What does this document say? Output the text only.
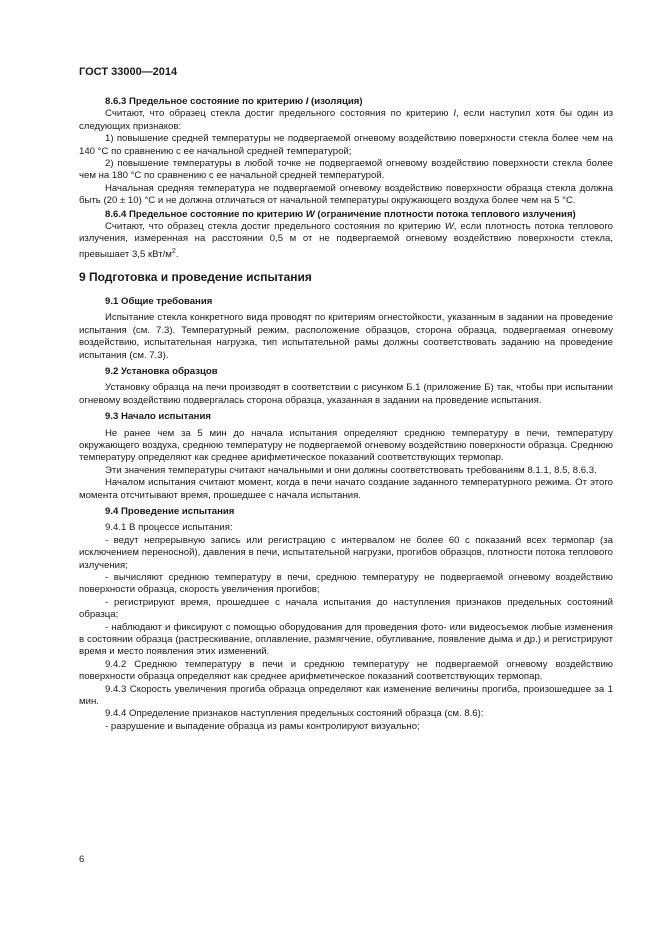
ГОСТ 33000—2014

8.6.3 Предельное состояние по критерию I (изоляция)

Считают, что образец стекла достиг предельного состояния по критерию I, если наступил хотя бы один из следующих признаков:

1) повышение средней температуры не подвергаемой огневому воздействию поверхности стекла более чем на 140 °С по сравнению с ее начальной средней температурой;

2) повышение температуры в любой точке не подвергаемой огневому воздействию поверхности стекла более чем на 180 °С по сравнению с ее начальной средней температурой.

Начальная средняя температура не подвергаемой огневому воздействию поверхности образца стекла должна быть (20 ± 10) °С и не должна отличаться от начальной температуры окружающего воздуха более чем на 5 °С.

8.6.4 Предельное состояние по критерию W (ограничение плотности потока теплового излучения)

Считают, что образец стекла достиг предельного состояния по критерию W, если плотность потока теплового излучения, измеренная на расстоянии 0,5 м от не подвергаемой огневому воздействию поверхности стекла, превышает 3,5 кВт/$м^2$.

9 Подготовка и проведение испытания

9.1 Общие требования

Испытание стекла конкретного вида проводят по критериям огнестойкости, указанным в задании на проведение испытания (см. 7.3). Температурный режим, расположение образцов, сторона образца, подвергаемая огневому воздействию, испытательная нагрузка, тип испытательной рамы должны соответствовать заданию на проведение испытания (см. 7.3).

9.2 Установка образцов

Установку образца на печи производят в соответствии с рисунком Б.1 (приложение Б) так, чтобы при испытании огневому воздействию подвергалась сторона образца, указанная в задании на проведение испытания.

9.3 Начало испытания

Не ранее чем за 5 мин до начала испытания определяют среднюю температуру в печи, температуру окружающего воздуха, среднюю температуру не подвергаемой огневому воздействию поверхности образца. Среднюю температуру определяют как среднее арифметическое показаний соответствующих термопар.

Эти значения температуры считают начальными и они должны соответствовать требованиям 8.1.1, 8.5, 8.6.3.

Началом испытания считают момент, когда в печи начато создание заданного температурного режима. От этого момента отсчитывают время, прошедшее с начала испытания.

9.4 Проведение испытания

9.4.1 В процессе испытания:

- ведут непрерывную запись или регистрацию с интервалом не более 60 с показаний всех термопар (за исключением переносной), давления в печи, испытательной нагрузки, прогибов образцов, плотности потока теплового излучения;

- вычисляют среднюю температуру в печи, среднюю температуру не подвергаемой огневому воздействию поверхности образца, скорость увеличения прогибов;

- регистрируют время, прошедшее с начала испытания до наступления признаков предельных состояний образца;

- наблюдают и фиксируют с помощью оборудования для проведения фото- или видеосъемок любые изменения в состоянии образца (растрескивание, оплавление, размягчение, обугливание, появление дыма и др.) и регистрируют время и место появления этих изменений.

9.4.2 Среднюю температуру в печи и среднюю температуру не подвергаемой огневому воздействию поверхности образца определяют как среднее арифметическое показаний соответствующих термопар.

9.4.3 Скорость увеличения прогиба образца определяют как изменение величины прогиба, произошедшее за 1 мин.

9.4.4 Определение признаков наступления предельных состояний образца (см. 8.6):

- разрушение и выпадение образца из рамы контролируют визуально;

6
